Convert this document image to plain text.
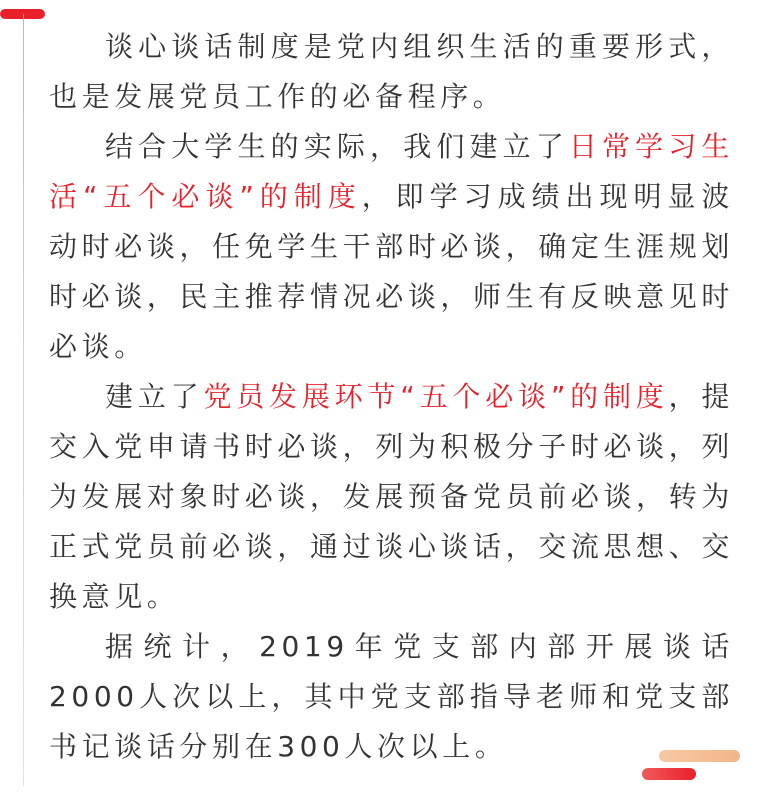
谈心谈话制度是党内组织生活的重要形式，也是发展党员工作的必备程序。

结合大学生的实际，我们建立了日常学习生活“五个必谈”的制度，即学习成绩出现明显波动时必谈，任免学生干部时必谈，确定生涯规划时必谈，民主推荐情况必谈，师生有反映意见时必谈。

建立了党员发展环节“五个必谈”的制度，提交入党申请书时必谈，列为积极分子时必谈，列为发展对象时必谈，发展预备党员前必谈，转为正式党员前必谈，通过谈心谈话，交流思想、交换意见。

据统计，2019年党支部内部开展谈话2000人次以上，其中党支部指导老师和党支部书记谈话分别在300人次以上。
